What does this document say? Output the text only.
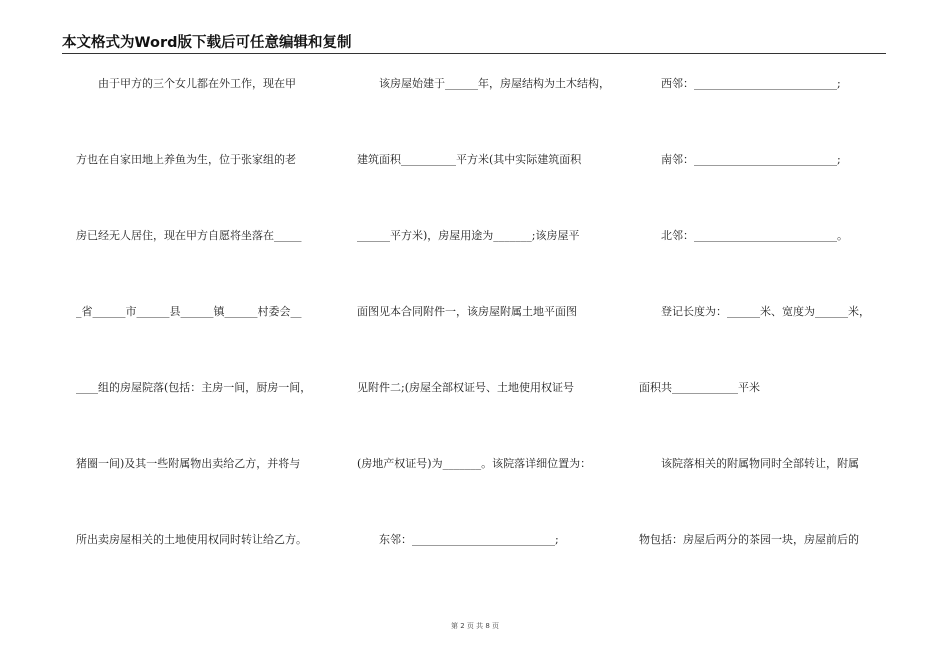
本文格式为Word版下载后可任意编辑和复制
　　由于甲方的三个女儿都在外工作，现在甲
方也在自家田地上养鱼为生，位于张家组的老
房已经无人居住，现在甲方自愿将坐落在_____
_省______市______县______镇______村委会__
____组的房屋院落(包括：主房一间，厨房一间，
猪圈一间)及其一些附属物出卖给乙方，并将与
所出卖房屋相关的土地使用权同时转让给乙方。
　　该房屋始建于______年，房屋结构为土木结构，
建筑面积__________平方米(其中实际建筑面积
______平方米)，房屋用途为_______;该房屋平
面图见本合同附件一，该房屋附属土地平面图
见附件二;(房屋全部权证号、土地使用权证号
(房地产权证号)为_______。该院落详细位置为：
　　东邻：__________________________;
　　西邻：__________________________;
　　南邻：__________________________;
　　北邻：__________________________。
　　登记长度为：______米、宽度为______米，
面积共____________平米
　　该院落相关的附属物同时全部转让，附属
物包括：房屋后两分的茶园一块，房屋前后的
第 2 页 共 8 页
